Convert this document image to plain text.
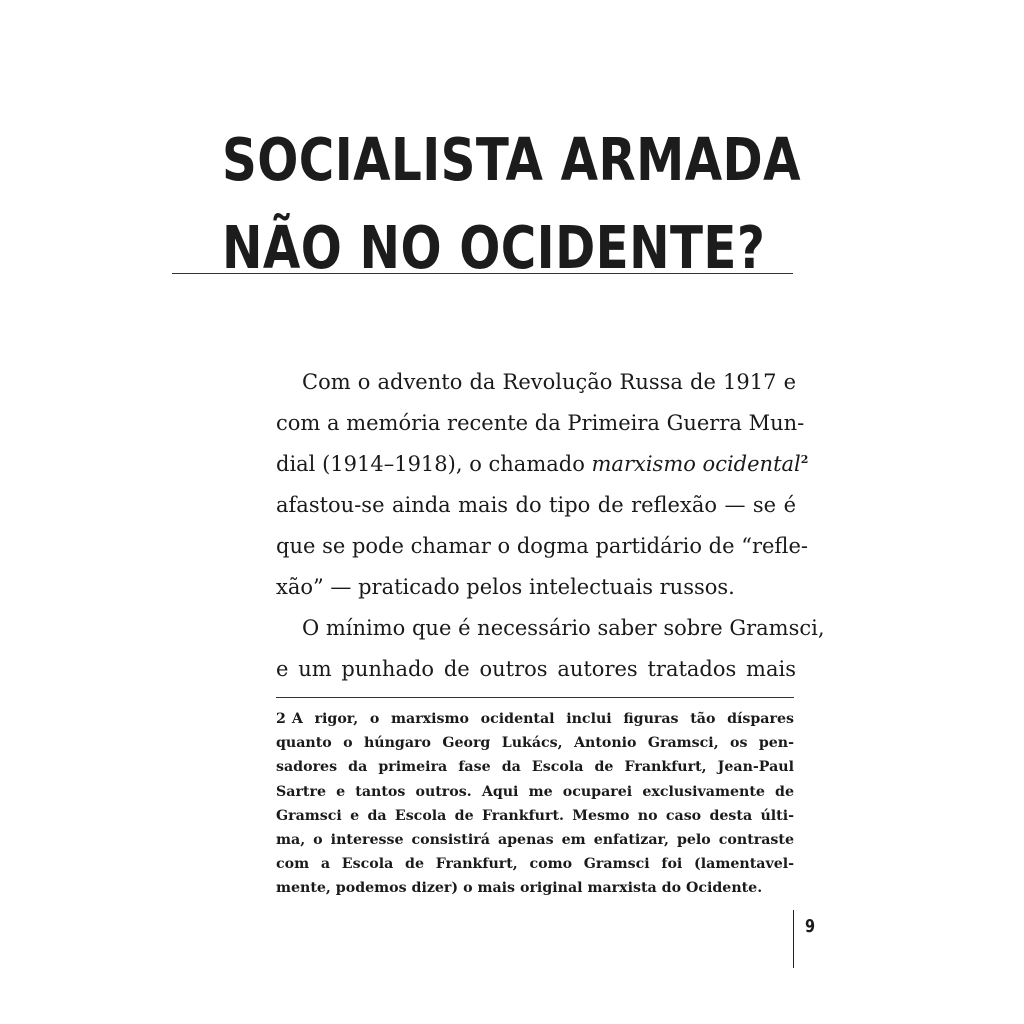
SOCIALISTA ARMADA
NÃO NO OCIDENTE?
Com o advento da Revolução Russa de 1917 e
com a memória recente da Primeira Guerra Mun-
dial (1914–1918), o chamado marxismo ocidental$^2$
afastou-se ainda mais do tipo de reflexão — se é
que se pode chamar o dogma partidário de “refle-
xão” — praticado pelos intelectuais russos.
O mínimo que é necessário saber sobre Gramsci,
e um punhado de outros autores tratados mais
2 A rigor, o marxismo ocidental inclui figuras tão díspares
quanto o húngaro Georg Lukács, Antonio Gramsci, os pen-
sadores da primeira fase da Escola de Frankfurt, Jean-Paul
Sartre e tantos outros. Aqui me ocuparei exclusivamente de
Gramsci e da Escola de Frankfurt. Mesmo no caso desta últi-
ma, o interesse consistirá apenas em enfatizar, pelo contraste
com a Escola de Frankfurt, como Gramsci foi (lamentavel-
mente, podemos dizer) o mais original marxista do Ocidente.
9
